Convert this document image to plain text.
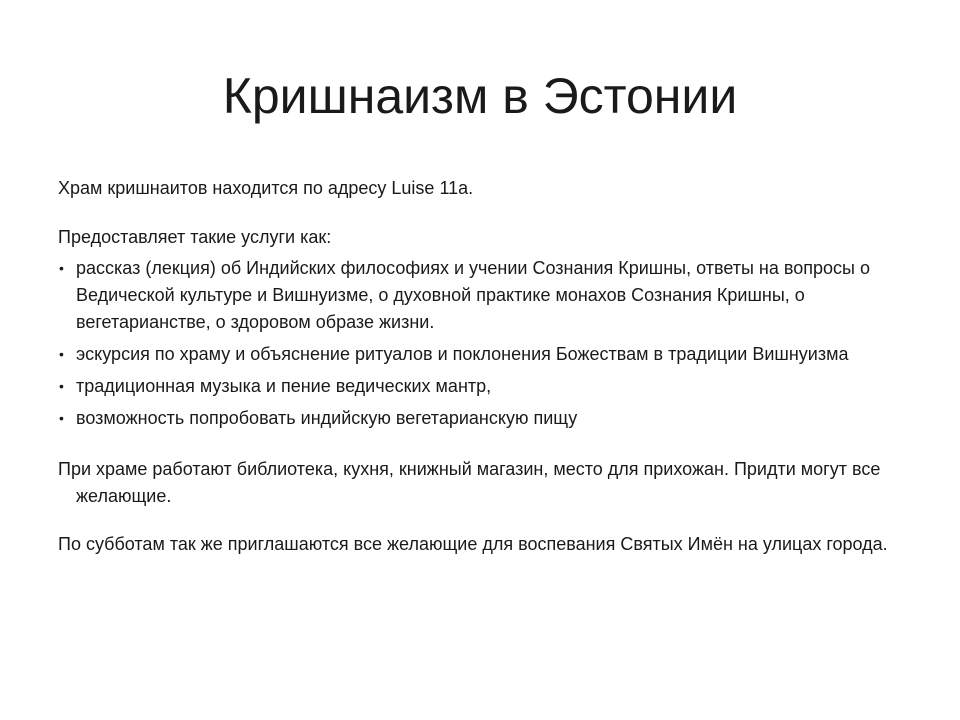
Кришнаизм в Эстонии

Храм кришнаитов находится по адресу Luise 11a.

Предоставляет такие услуги как:

• рассказ (лекция) об Индийских философиях и учении Сознания Кришны, ответы на вопросы о Ведической культуре и Вишнуизме, о духовной практике монахов Сознания Кришны, о вегетарианстве, о здоровом образе жизни.
• эскурсия по храму и объяснение ритуалов и поклонения Божествам в традиции Вишнуизма
• традиционная музыка и пение ведических мантр,
• возможность попробовать индийскую вегетарианскую пищу

При храме работают библиотека, кухня, книжный магазин, место для прихожан. Придти могут все желающие.

По субботам так же приглашаются все желающие для воспевания Святых Имён на улицах города.
